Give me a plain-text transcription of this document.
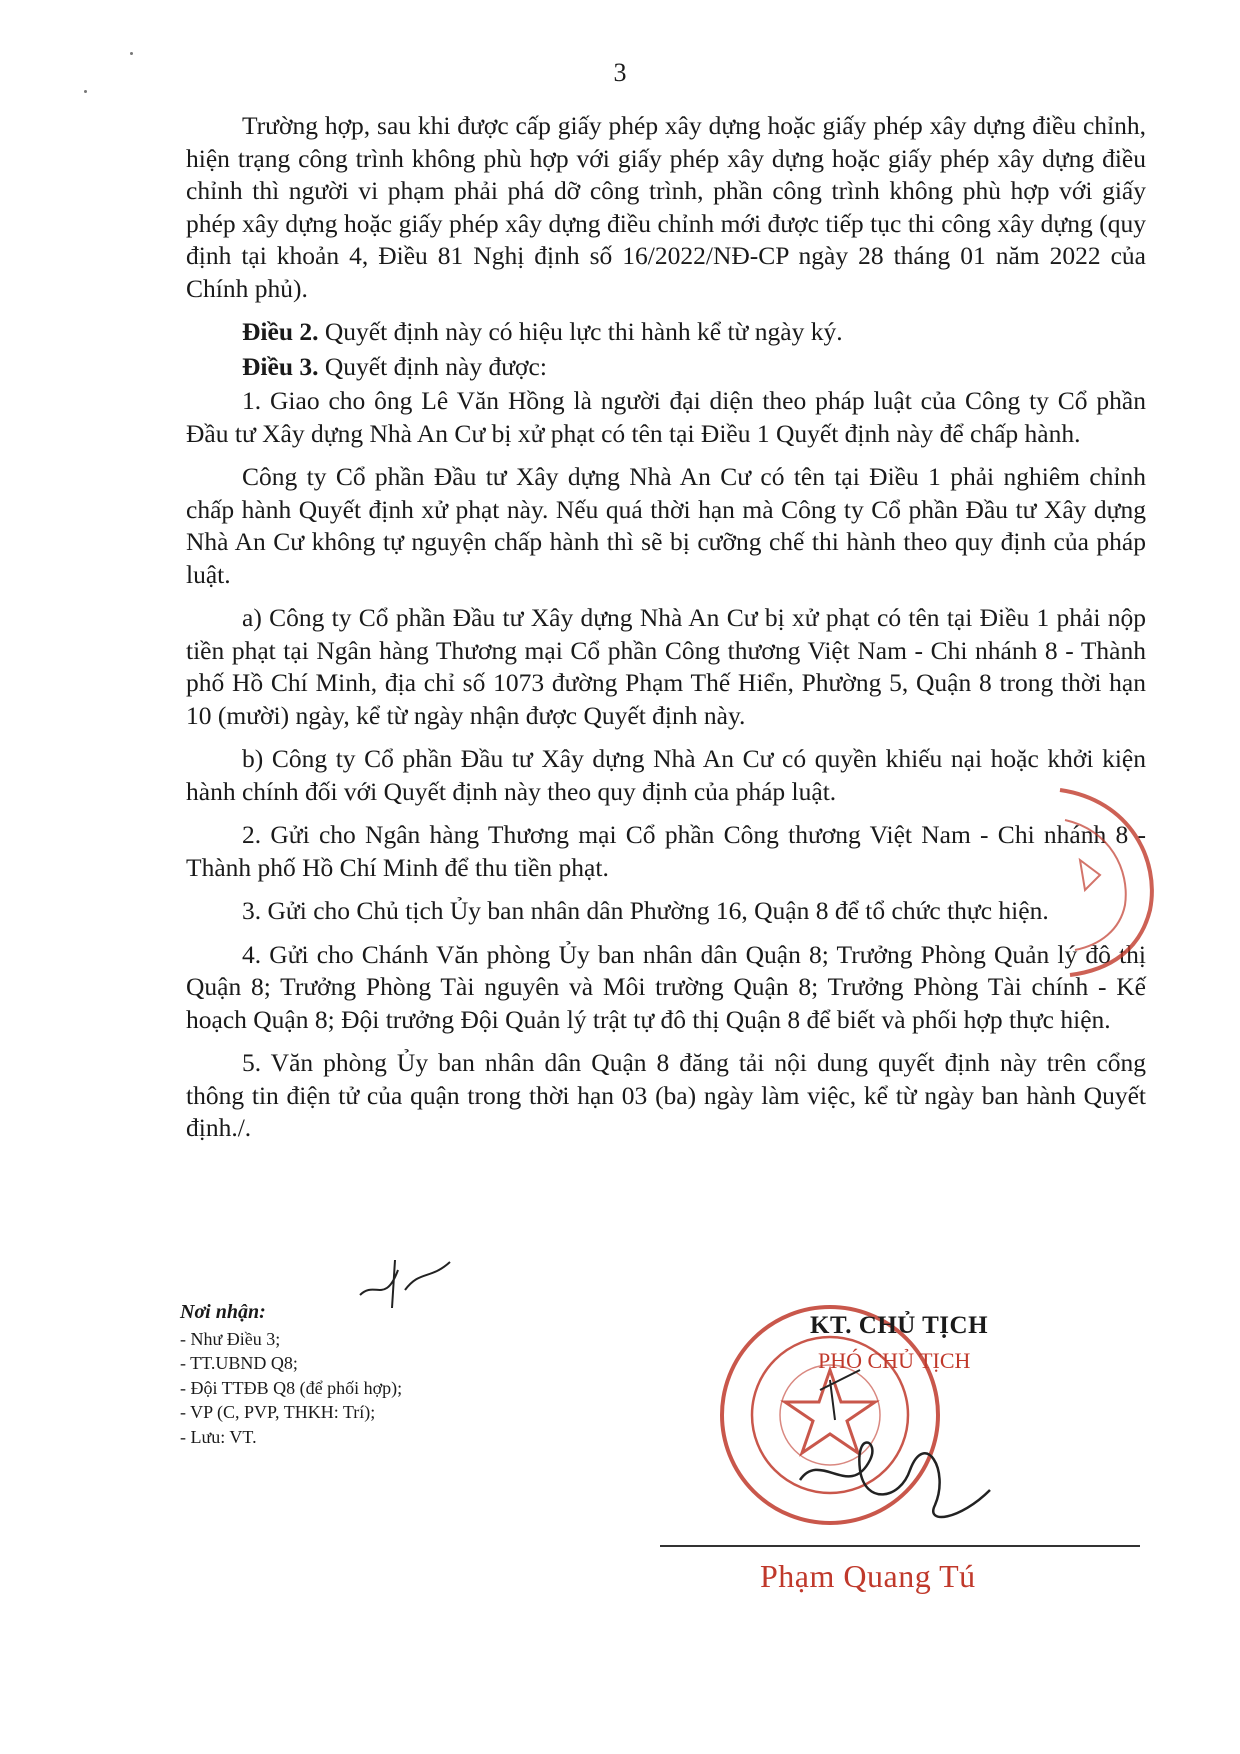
3

Trường hợp, sau khi được cấp giấy phép xây dựng hoặc giấy phép xây dựng điều chỉnh, hiện trạng công trình không phù hợp với giấy phép xây dựng hoặc giấy phép xây dựng điều chỉnh thì người vi phạm phải phá dỡ công trình, phần công trình không phù hợp với giấy phép xây dựng hoặc giấy phép xây dựng điều chỉnh mới được tiếp tục thi công xây dựng (quy định tại khoản 4, Điều 81 Nghị định số 16/2022/NĐ-CP ngày 28 tháng 01 năm 2022 của Chính phủ).

Điều 2. Quyết định này có hiệu lực thi hành kể từ ngày ký.

Điều 3. Quyết định này được:

1. Giao cho ông Lê Văn Hồng là người đại diện theo pháp luật của Công ty Cổ phần Đầu tư Xây dựng Nhà An Cư bị xử phạt có tên tại Điều 1 Quyết định này để chấp hành.

Công ty Cổ phần Đầu tư Xây dựng Nhà An Cư có tên tại Điều 1 phải nghiêm chỉnh chấp hành Quyết định xử phạt này. Nếu quá thời hạn mà Công ty Cổ phần Đầu tư Xây dựng Nhà An Cư không tự nguyện chấp hành thì sẽ bị cưỡng chế thi hành theo quy định của pháp luật.

a) Công ty Cổ phần Đầu tư Xây dựng Nhà An Cư bị xử phạt có tên tại Điều 1 phải nộp tiền phạt tại Ngân hàng Thương mại Cổ phần Công thương Việt Nam - Chi nhánh 8 - Thành phố Hồ Chí Minh, địa chỉ số 1073 đường Phạm Thế Hiển, Phường 5, Quận 8 trong thời hạn 10 (mười) ngày, kể từ ngày nhận được Quyết định này.

b) Công ty Cổ phần Đầu tư Xây dựng Nhà An Cư có quyền khiếu nại hoặc khởi kiện hành chính đối với Quyết định này theo quy định của pháp luật.

2. Gửi cho Ngân hàng Thương mại Cổ phần Công thương Việt Nam - Chi nhánh 8 - Thành phố Hồ Chí Minh để thu tiền phạt.

3. Gửi cho Chủ tịch Ủy ban nhân dân Phường 16, Quận 8 để tổ chức thực hiện.

4. Gửi cho Chánh Văn phòng Ủy ban nhân dân Quận 8; Trưởng Phòng Quản lý đô thị Quận 8; Trưởng Phòng Tài nguyên và Môi trường Quận 8; Trưởng Phòng Tài chính - Kế hoạch Quận 8; Đội trưởng Đội Quản lý trật tự đô thị Quận 8 để biết và phối hợp thực hiện.

5. Văn phòng Ủy ban nhân dân Quận 8 đăng tải nội dung quyết định này trên cổng thông tin điện tử của quận trong thời hạn 03 (ba) ngày làm việc, kể từ ngày ban hành Quyết định./.

Nơi nhận:
- Như Điều 3;
- TT.UBND Q8;
- Đội TTĐB Q8 (để phối hợp);
- VP (C, PVP, THKH: Trí);
- Lưu: VT.
KT. CHỦ TỊCH
PHÓ CHỦ TỊCH
Phạm Quang Tú
